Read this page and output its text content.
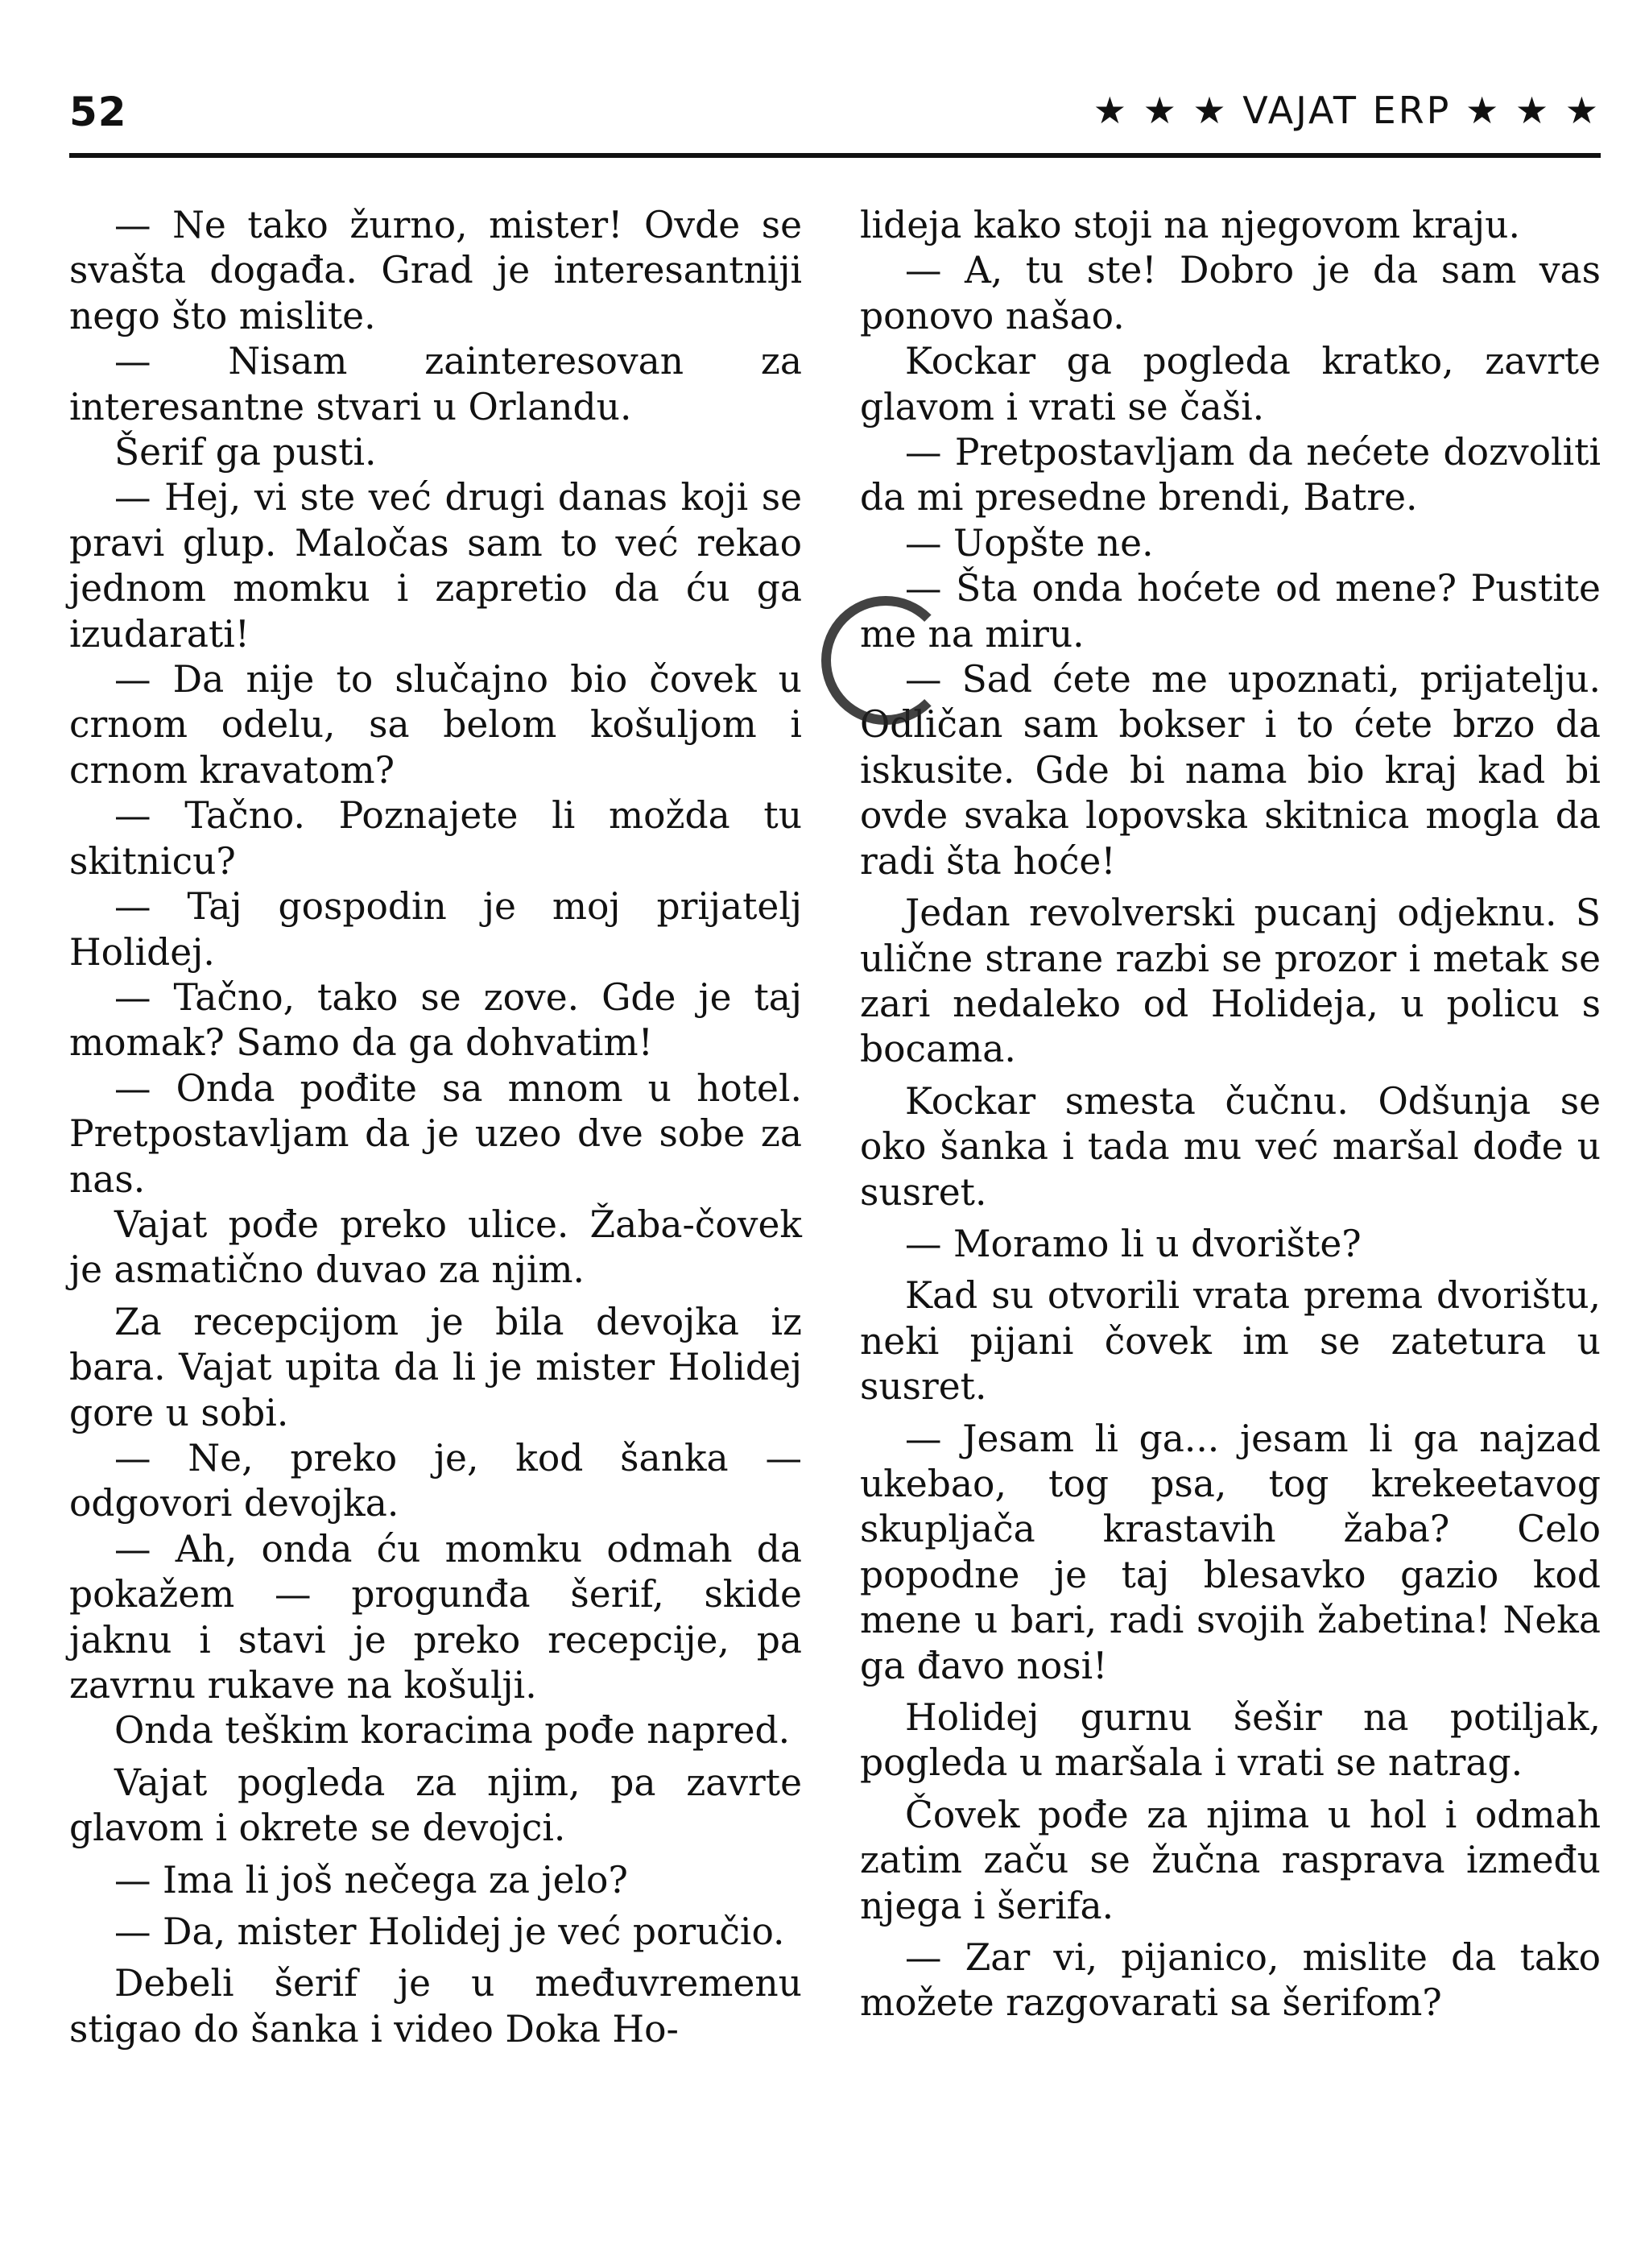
52	★ ★ ★ VAJAT ERP ★ ★ ★

— Ne tako žurno, mister! Ovde se svašta događa. Grad je interesantniji nego što mislite.

— Nisam zainteresovan za interesantne stvari u Orlandu.

Šerif ga pusti.

— Hej, vi ste već drugi danas koji se pravi glup. Maločas sam to već rekao jednom momku i zapretio da ću ga izudarati!

— Da nije to slučajno bio čovek u crnom odelu, sa belom košuljom i crnom kravatom?

— Tačno. Poznajete li možda tu skitnicu?

— Taj gospodin je moj prijatelj Holidej.

— Tačno, tako se zove. Gde je taj momak? Samo da ga dohvatim!

— Onda pođite sa mnom u hotel. Pretpostavljam da je uzeo dve sobe za nas.

Vajat pođe preko ulice. Žaba-čovek je asmatično duvao za njim.

Za recepcijom je bila devojka iz bara. Vajat upita da li je mister Holidej gore u sobi.

— Ne, preko je, kod šanka — odgovori devojka.

— Ah, onda ću momku odmah da pokažem — progunđa šerif, skide jaknu i stavi je preko recepcije, pa zavrnu rukave na košulji.

Onda teškim koracima pođe napred.

Vajat pogleda za njim, pa zavrte glavom i okrete se devojci.

— Ima li još nečega za jelo?

— Da, mister Holidej je već poručio.

Debeli šerif je u međuvremenu stigao do šanka i video Doka Ho-

lideja kako stoji na njegovom kraju.

— A, tu ste! Dobro je da sam vas ponovo našao.

Kockar ga pogleda kratko, zavrte glavom i vrati se čaši.

— Pretpostavljam da nećete dozvoliti da mi presedne brendi, Batre.

— Uopšte ne.

— Šta onda hoćete od mene? Pustite me na miru.

— Sad ćete me upoznati, prijatelju. Odličan sam bokser i to ćete brzo da iskusite. Gde bi nama bio kraj kad bi ovde svaka lopovska skitnica mogla da radi šta hoće!

Jedan revolverski pucanj odjeknu. S ulične strane razbi se prozor i metak se zari nedaleko od Holideja, u policu s bocama.

Kockar smesta čučnu. Odšunja se oko šanka i tada mu već maršal dođe u susret.

— Moramo li u dvorište?

Kad su otvorili vrata prema dvorištu, neki pijani čovek im se zatetura u susret.

— Jesam li ga... jesam li ga najzad ukebao, tog psa, tog krekeetavog skupljača krastavih žaba? Celo popodne je taj blesavko gazio kod mene u bari, radi svojih žabetina! Neka ga đavo nosi!

Holidej gurnu šešir na potiljak, pogleda u maršala i vrati se natrag.

Čovek pođe za njima u hol i odmah zatim začu se žučna rasprava između njega i šerifa.

— Zar vi, pijanico, mislite da tako možete razgovarati sa šerifom?
